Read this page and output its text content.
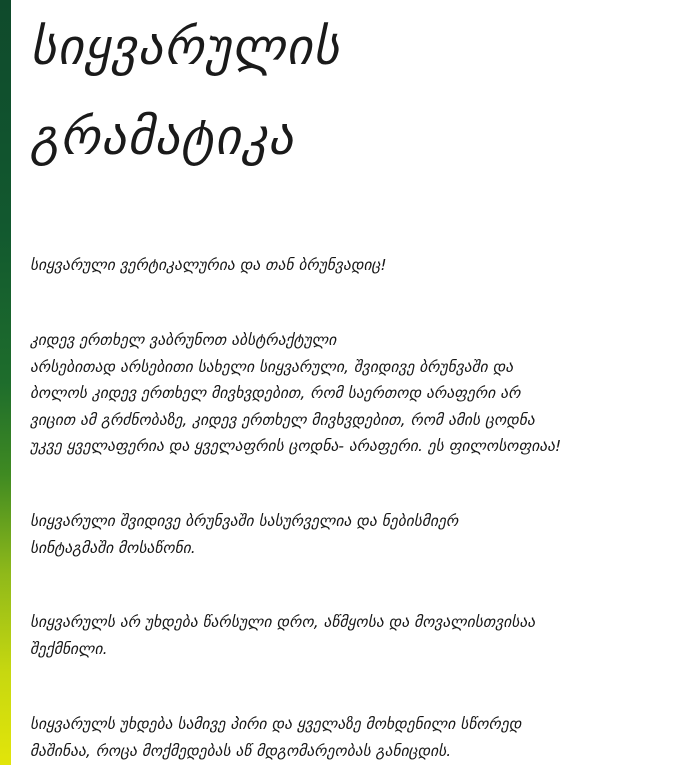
სიყვარულის
გრამატიკა

სიყვარული ვერტიკალურია და თან ბრუნვადიც!

კიდევ ერთხელ ვაბრუნოთ აბსტრაქტული
არსებითად არსებითი სახელი სიყვარული, შვიდივე ბრუნვაში და
ბოლოს კიდევ ერთხელ მივხვდებით, რომ საერთოდ არაფერი არ
ვიცით ამ გრძნობაზე, კიდევ ერთხელ მივხვდებით, რომ ამის ცოდნა
უკვე ყველაფერია და ყველაფრის ცოდნა- არაფერი. ეს ფილოსოფიაა!

სიყვარული შვიდივე ბრუნვაში სასურველია და ნებისმიერ
სინტაგმაში მოსაწონი.

სიყვარულს არ უხდება წარსული დრო, აწმყოსა და მოვალისთვისაა
შექმნილი.

სიყვარულს უხდება სამივე პირი და ყველაზე მოხდენილი სწორედ
მაშინაა, როცა მოქმედებას აწ მდგომარეობას განიცდის.
